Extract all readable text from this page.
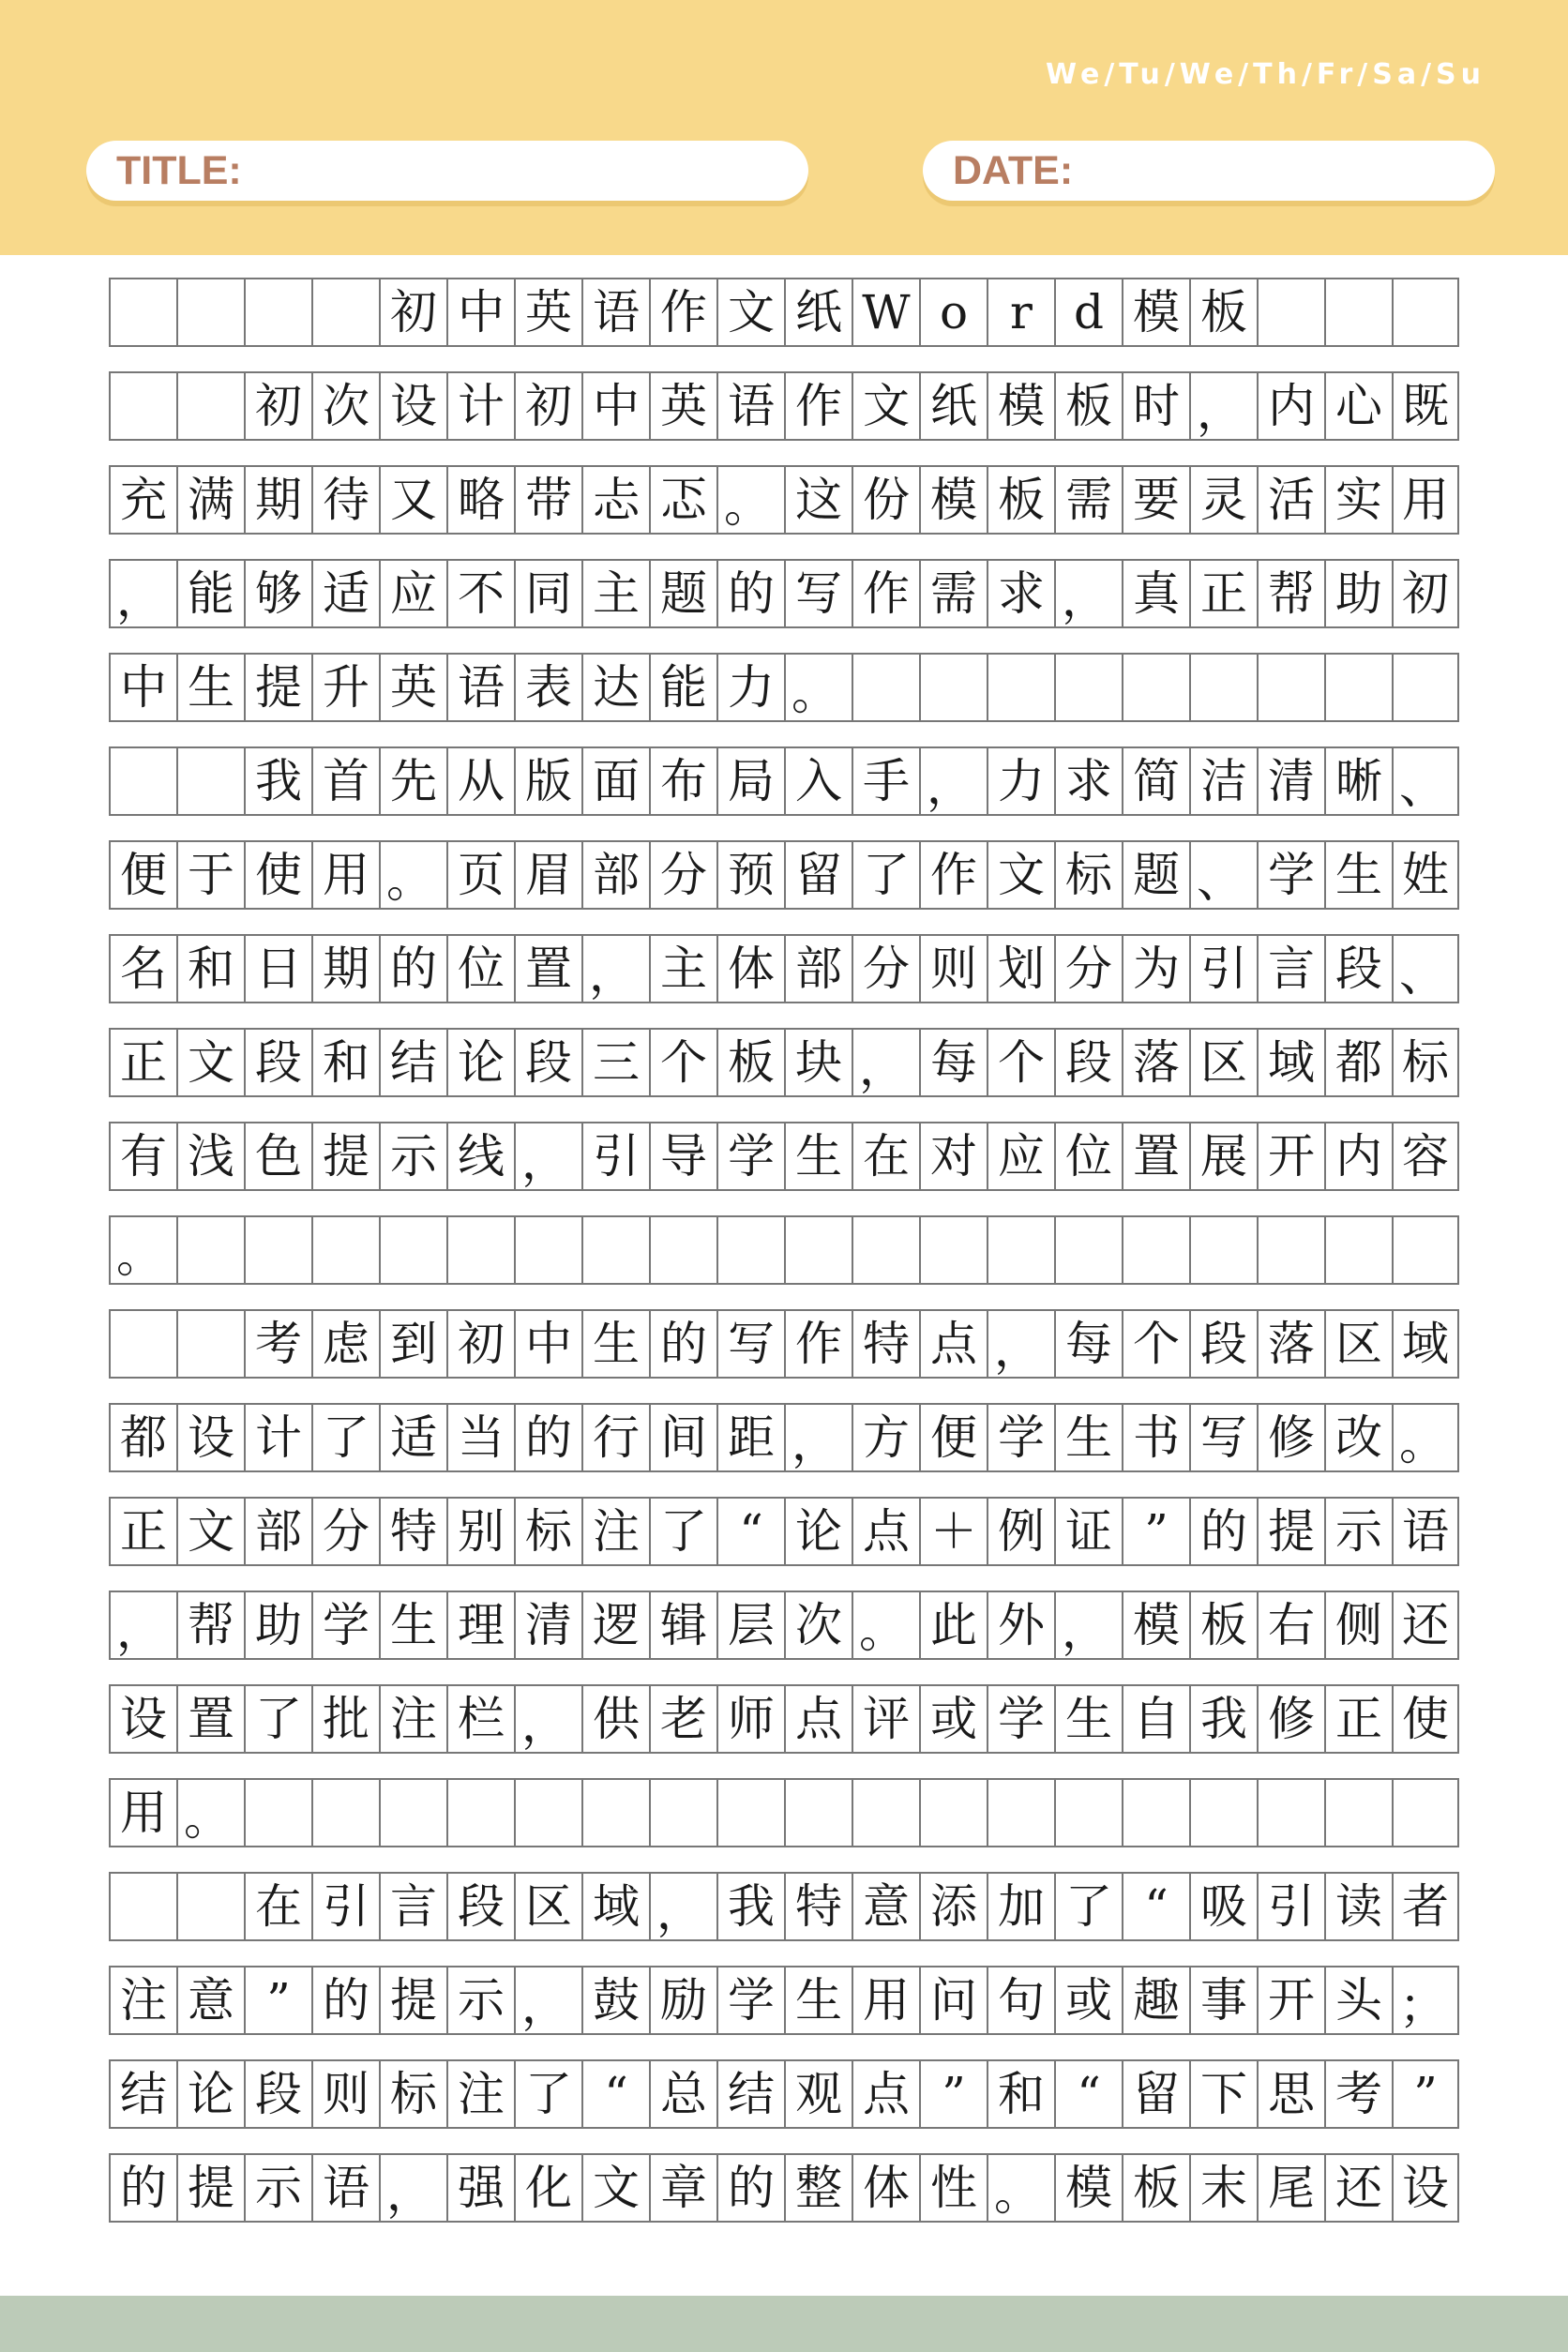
We/Tu/We/Th/Fr/Sa/Su
TITLE:	DATE:

初 中 英 语 作 文 纸 W o r d 模 板

初 次 设 计 初 中 英 语 作 文 纸 模 板 时 ， 内 心 既
充 满 期 待 又 略 带 忐 忑 。 这 份 模 板 需 要 灵 活 实 用
， 能 够 适 应 不 同 主 题 的 写 作 需 求 ， 真 正 帮 助 初
中 生 提 升 英 语 表 达 能 力 。

我 首 先 从 版 面 布 局 入 手 ， 力 求 简 洁 清 晰 、
便 于 使 用 。 页 眉 部 分 预 留 了 作 文 标 题 、 学 生 姓
名 和 日 期 的 位 置 ， 主 体 部 分 则 划 分 为 引 言 段 、
正 文 段 和 结 论 段 三 个 板 块 ， 每 个 段 落 区 域 都 标
有 浅 色 提 示 线 ， 引 导 学 生 在 对 应 位 置 展 开 内 容
。

考 虑 到 初 中 生 的 写 作 特 点 ， 每 个 段 落 区 域
都 设 计 了 适 当 的 行 间 距 ， 方 便 学 生 书 写 修 改 。
正 文 部 分 特 别 标 注 了 “ 论 点 ＋ 例 证 ” 的 提 示 语
， 帮 助 学 生 理 清 逻 辑 层 次 。 此 外 ， 模 板 右 侧 还
设 置 了 批 注 栏 ， 供 老 师 点 评 或 学 生 自 我 修 正 使
用 。

在 引 言 段 区 域 ， 我 特 意 添 加 了 “ 吸 引 读 者
注 意 ” 的 提 示 ， 鼓 励 学 生 用 问 句 或 趣 事 开 头 ；
结 论 段 则 标 注 了 “ 总 结 观 点 ” 和 “ 留 下 思 考 ”
的 提 示 语 ， 强 化 文 章 的 整 体 性 。 模 板 末 尾 还 设
